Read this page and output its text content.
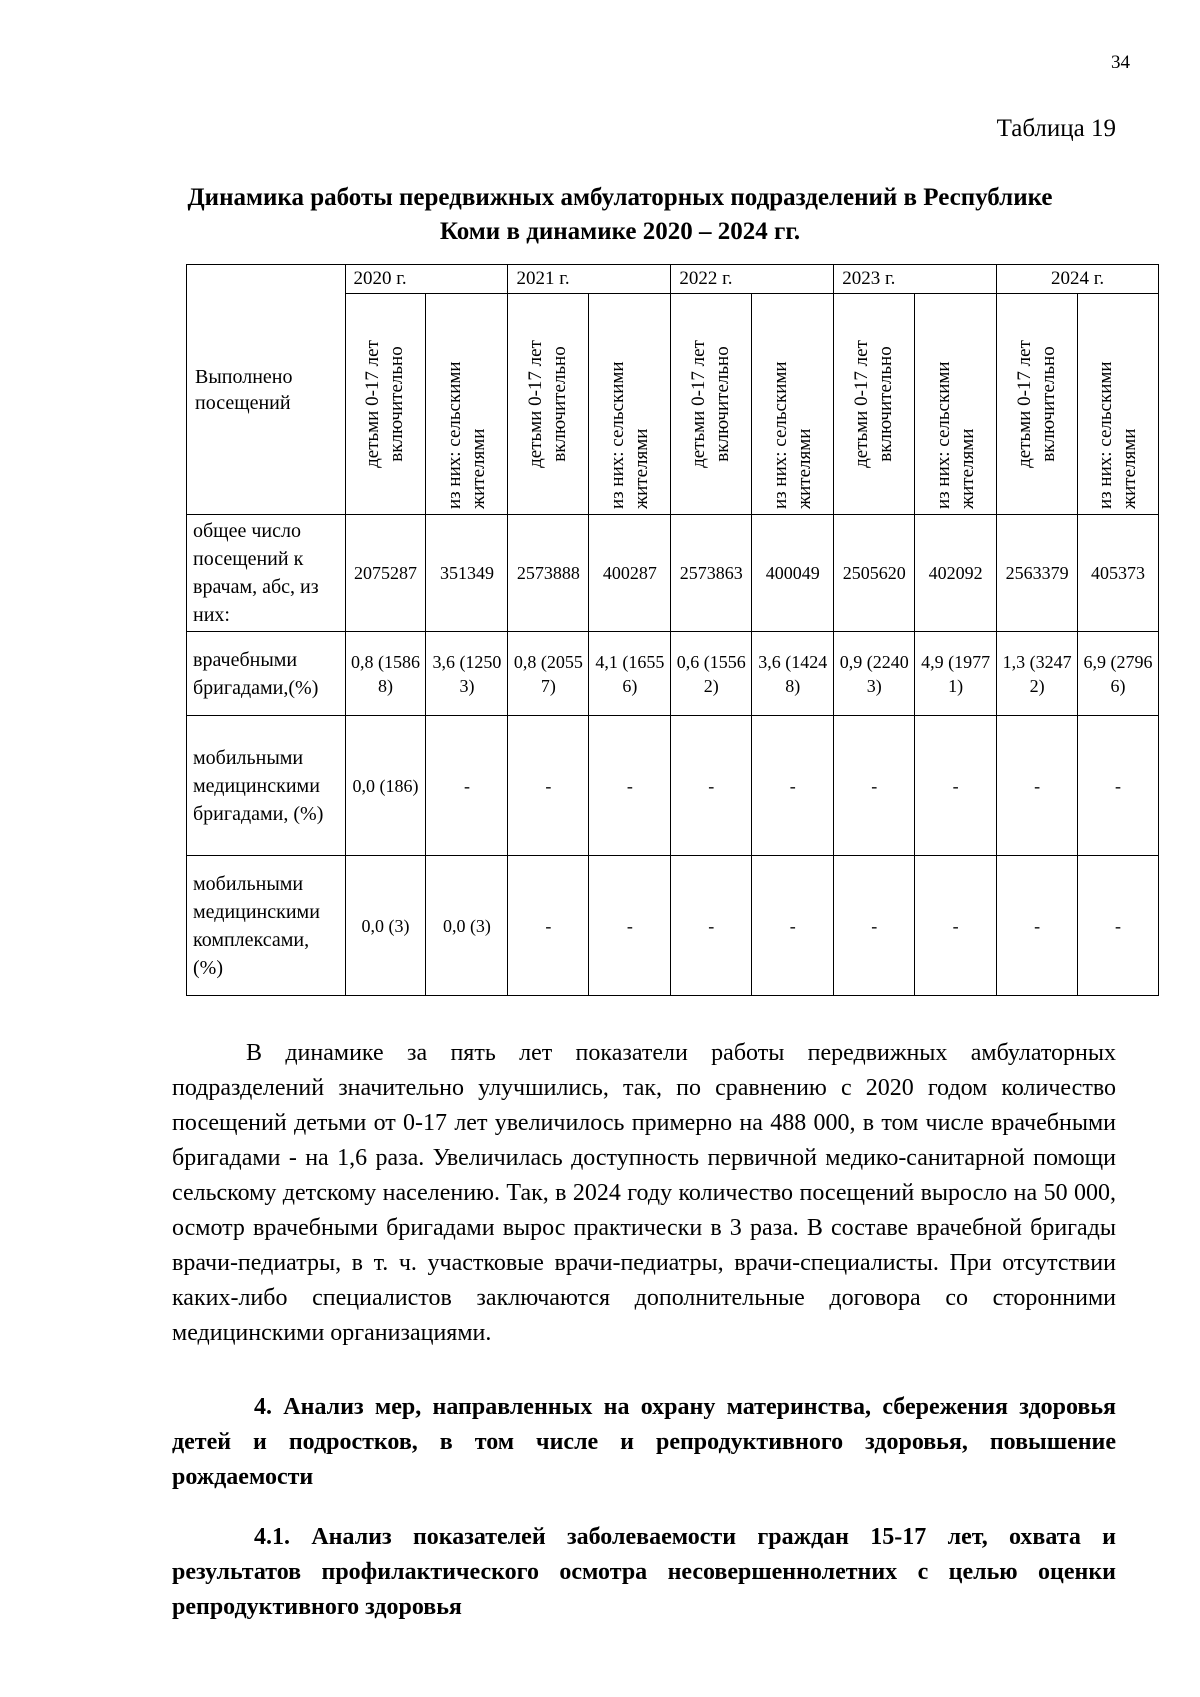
34
Таблица 19
Динамика работы передвижных амбулаторных подразделений в Республике Коми в динамике 2020 – 2024 гг.
Выполнено посещений	2020 г.		2021 г.		2022 г.		2023 г.		2024 г.	

	детьми 0-17 лет включительно	из них: сельскими жителями	детьми 0-17 лет включительно	из них: сельскими жителями	детьми 0-17 лет включительно	из них: сельскими жителями	детьми 0-17 лет включительно	из них: сельскими жителями	детьми 0-17 лет включительно	из них: сельскими жителями

общее число посещений к врачам, абс, из них:	2075287	351349	2573888	400287	2573863	400049	2505620	402092	2563379	405373
врачебными бригадами,(%)	0,8 (15868)	3,6 (12503)	0,8 (20557)	4,1 (16556)	0,6 (15562)	3,6 (14248)	0,9 (22403)	4,9 (19771)	1,3 (32472)	6,9 (27966)
мобильными медицинскими бригадами, (%)	0,0 (186)	-	-	-	-	-	-	-	-	-
мобильными медицинскими комплексами, (%)	0,0 (3)	0,0 (3)	-	-	-	-	-	-	-	-

В динамике за пять лет показатели работы передвижных амбулаторных подразделений значительно улучшились, так, по сравнению с 2020 годом количество посещений детьми от 0-17 лет увеличилось примерно на 488 000, в том числе врачебными бригадами - на 1,6 раза. Увеличилась доступность первичной медико-санитарной помощи сельскому детскому населению. Так, в 2024 году количество посещений выросло на 50 000, осмотр врачебными бригадами вырос практически в 3 раза. В составе врачебной бригады врачи-педиатры, в т. ч. участковые врачи-педиатры, врачи-специалисты. При отсутствии каких-либо специалистов заключаются дополнительные договора со сторонними медицинскими организациями.

4. Анализ мер, направленных на охрану материнства, сбережения здоровья детей и подростков, в том числе и репродуктивного здоровья, повышение рождаемости

4.1. Анализ показателей заболеваемости граждан 15-17 лет, охвата и результатов профилактического осмотра несовершеннолетних с целью оценки репродуктивного здоровья
